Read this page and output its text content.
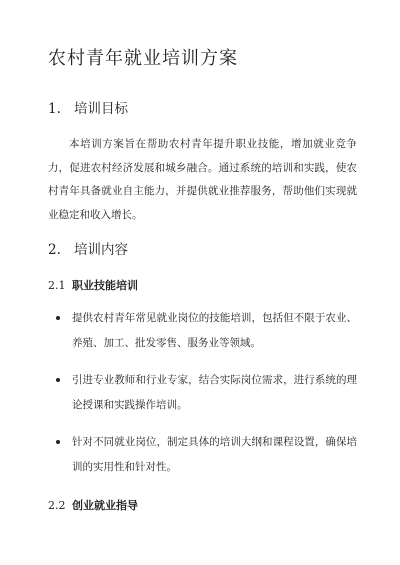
农村青年就业培训方案
1. 培训目标

本培训方案旨在帮助农村青年提升职业技能，增加就业竞争力，促进农村经济发展和城乡融合。通过系统的培训和实践，使农村青年具备就业自主能力，并提供就业推荐服务，帮助他们实现就业稳定和收入增长。

2. 培训内容
2.1 职业技能培训
提供农村青年常见就业岗位的技能培训，包括但不限于农业、养殖、加工、批发零售、服务业等领域。
引进专业教师和行业专家，结合实际岗位需求，进行系统的理论授课和实践操作培训。
针对不同就业岗位，制定具体的培训大纲和课程设置，确保培训的实用性和针对性。
2.2 创业就业指导
